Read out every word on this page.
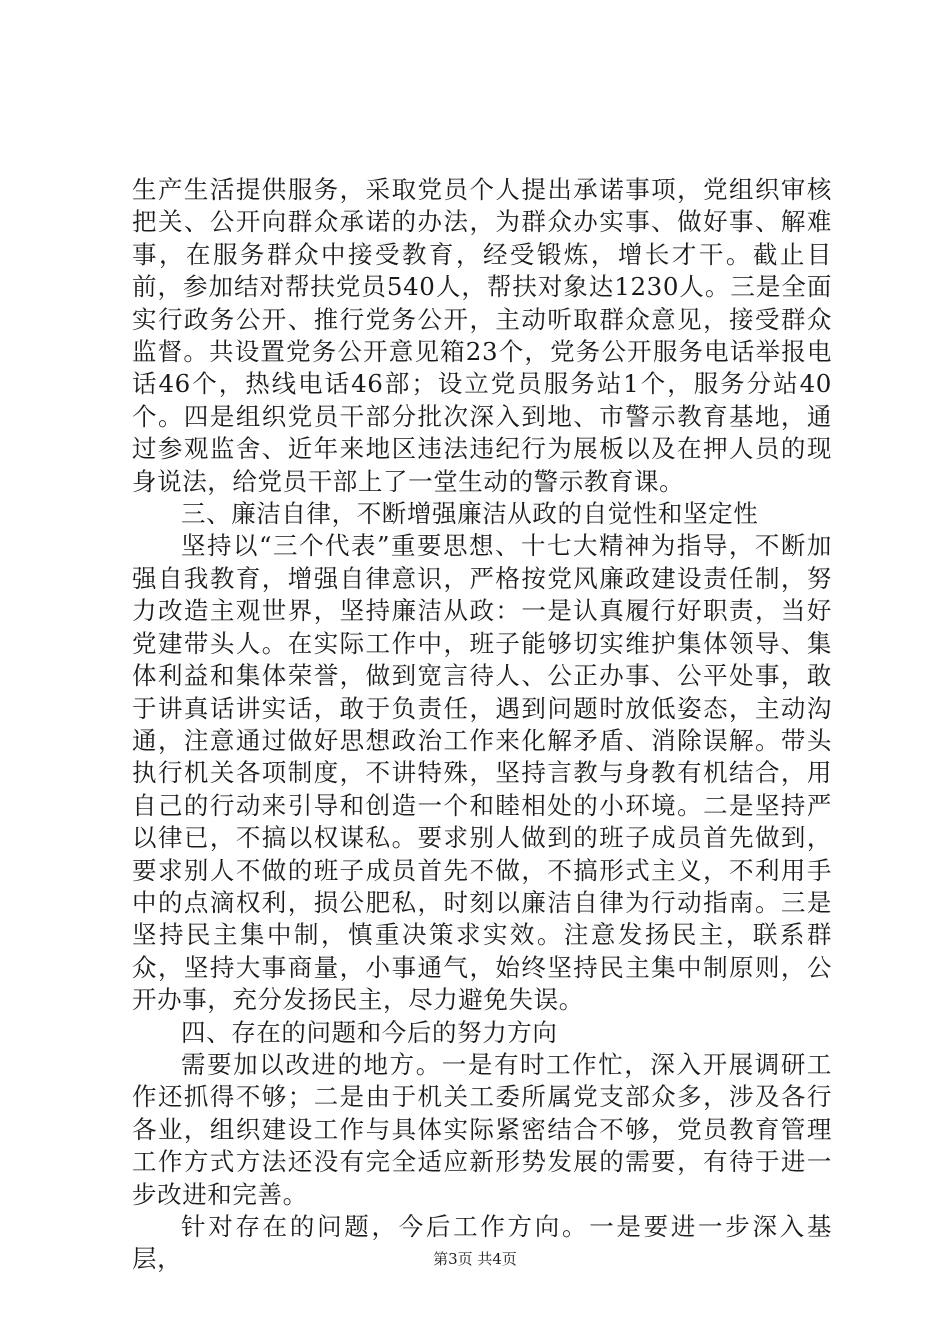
生产生活提供服务，采取党员个人提出承诺事项，党组织审核把关、公开向群众承诺的办法，为群众办实事、做好事、解难事，在服务群众中接受教育，经受锻炼，增长才干。截止目前，参加结对帮扶党员540人，帮扶对象达1230人。三是全面实行政务公开、推行党务公开，主动听取群众意见，接受群众监督。共设置党务公开意见箱23个，党务公开服务电话举报电话46个，热线电话46部；设立党员服务站1个，服务分站40个。四是组织党员干部分批次深入到地、市警示教育基地，通过参观监舍、近年来地区违法违纪行为展板以及在押人员的现身说法，给党员干部上了一堂生动的警示教育课。

三、廉洁自律，不断增强廉洁从政的自觉性和坚定性

坚持以“三个代表”重要思想、十七大精神为指导，不断加强自我教育，增强自律意识，严格按党风廉政建设责任制，努力改造主观世界，坚持廉洁从政：一是认真履行好职责，当好党建带头人。在实际工作中，班子能够切实维护集体领导、集体利益和集体荣誉，做到宽言待人、公正办事、公平处事，敢于讲真话讲实话，敢于负责任，遇到问题时放低姿态，主动沟通，注意通过做好思想政治工作来化解矛盾、消除误解。带头执行机关各项制度，不讲特殊，坚持言教与身教有机结合，用自己的行动来引导和创造一个和睦相处的小环境。二是坚持严以律已，不搞以权谋私。要求别人做到的班子成员首先做到，要求别人不做的班子成员首先不做，不搞形式主义，不利用手中的点滴权利，损公肥私，时刻以廉洁自律为行动指南。三是坚持民主集中制，慎重决策求实效。注意发扬民主，联系群众，坚持大事商量，小事通气，始终坚持民主集中制原则，公开办事，充分发扬民主，尽力避免失误。

四、存在的问题和今后的努力方向

需要加以改进的地方。一是有时工作忙，深入开展调研工作还抓得不够；二是由于机关工委所属党支部众多，涉及各行各业，组织建设工作与具体实际紧密结合不够，党员教育管理工作方式方法还没有完全适应新形势发展的需要，有待于进一步改进和完善。

针对存在的问题，今后工作方向。一是要进一步深入基层，	第3页 共4页
